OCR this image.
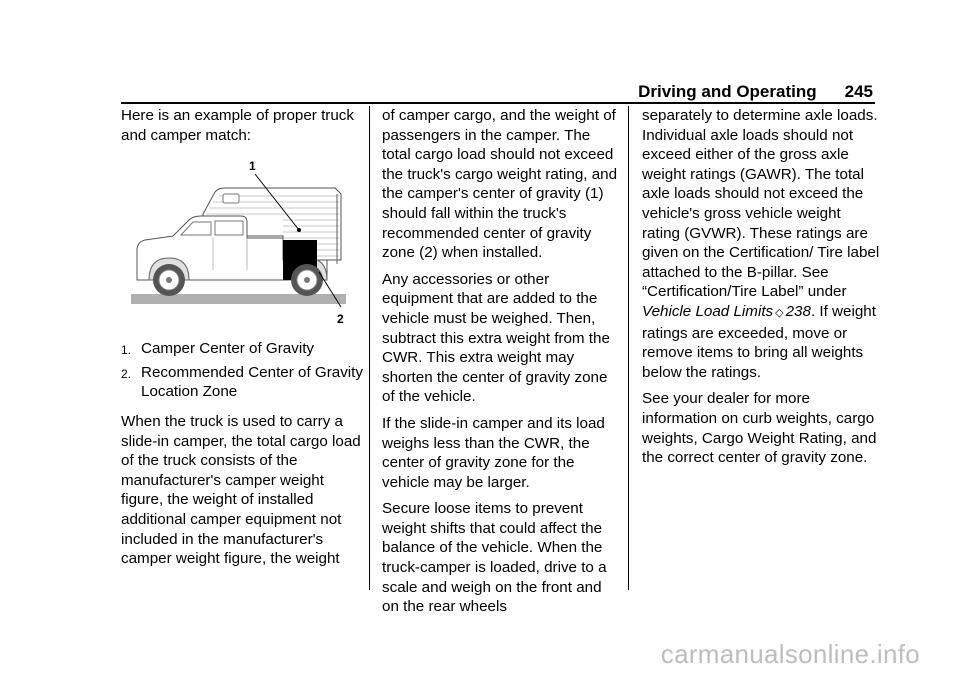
Driving and Operating 245

Here is an example of proper truck and camper match:

1
2
1. Camper Center of Gravity
2. Recommended Center of Gravity Location Zone

When the truck is used to carry a slide-in camper, the total cargo load of the truck consists of the manufacturer's camper weight figure, the weight of installed additional camper equipment not included in the manufacturer's camper weight figure, the weight

of camper cargo, and the weight of passengers in the camper. The total cargo load should not exceed the truck's cargo weight rating, and the camper's center of gravity (1) should fall within the truck's recommended center of gravity zone (2) when installed.

Any accessories or other equipment that are added to the vehicle must be weighed. Then, subtract this extra weight from the CWR. This extra weight may shorten the center of gravity zone of the vehicle.

If the slide-in camper and its load weighs less than the CWR, the center of gravity zone for the vehicle may be larger.

Secure loose items to prevent weight shifts that could affect the balance of the vehicle. When the truck-camper is loaded, drive to a scale and weigh on the front and on the rear wheels

separately to determine axle loads. Individual axle loads should not exceed either of the gross axle weight ratings (GAWR). The total axle loads should not exceed the vehicle's gross vehicle weight rating (GVWR). These ratings are given on the Certification/ Tire label attached to the B-pillar. See “Certification/Tire Label” under Vehicle Load Limits ◇ 238. If weight ratings are exceeded, move or remove items to bring all weights below the ratings.

See your dealer for more information on curb weights, cargo weights, Cargo Weight Rating, and the correct center of gravity zone.

carmanualsonline.info
